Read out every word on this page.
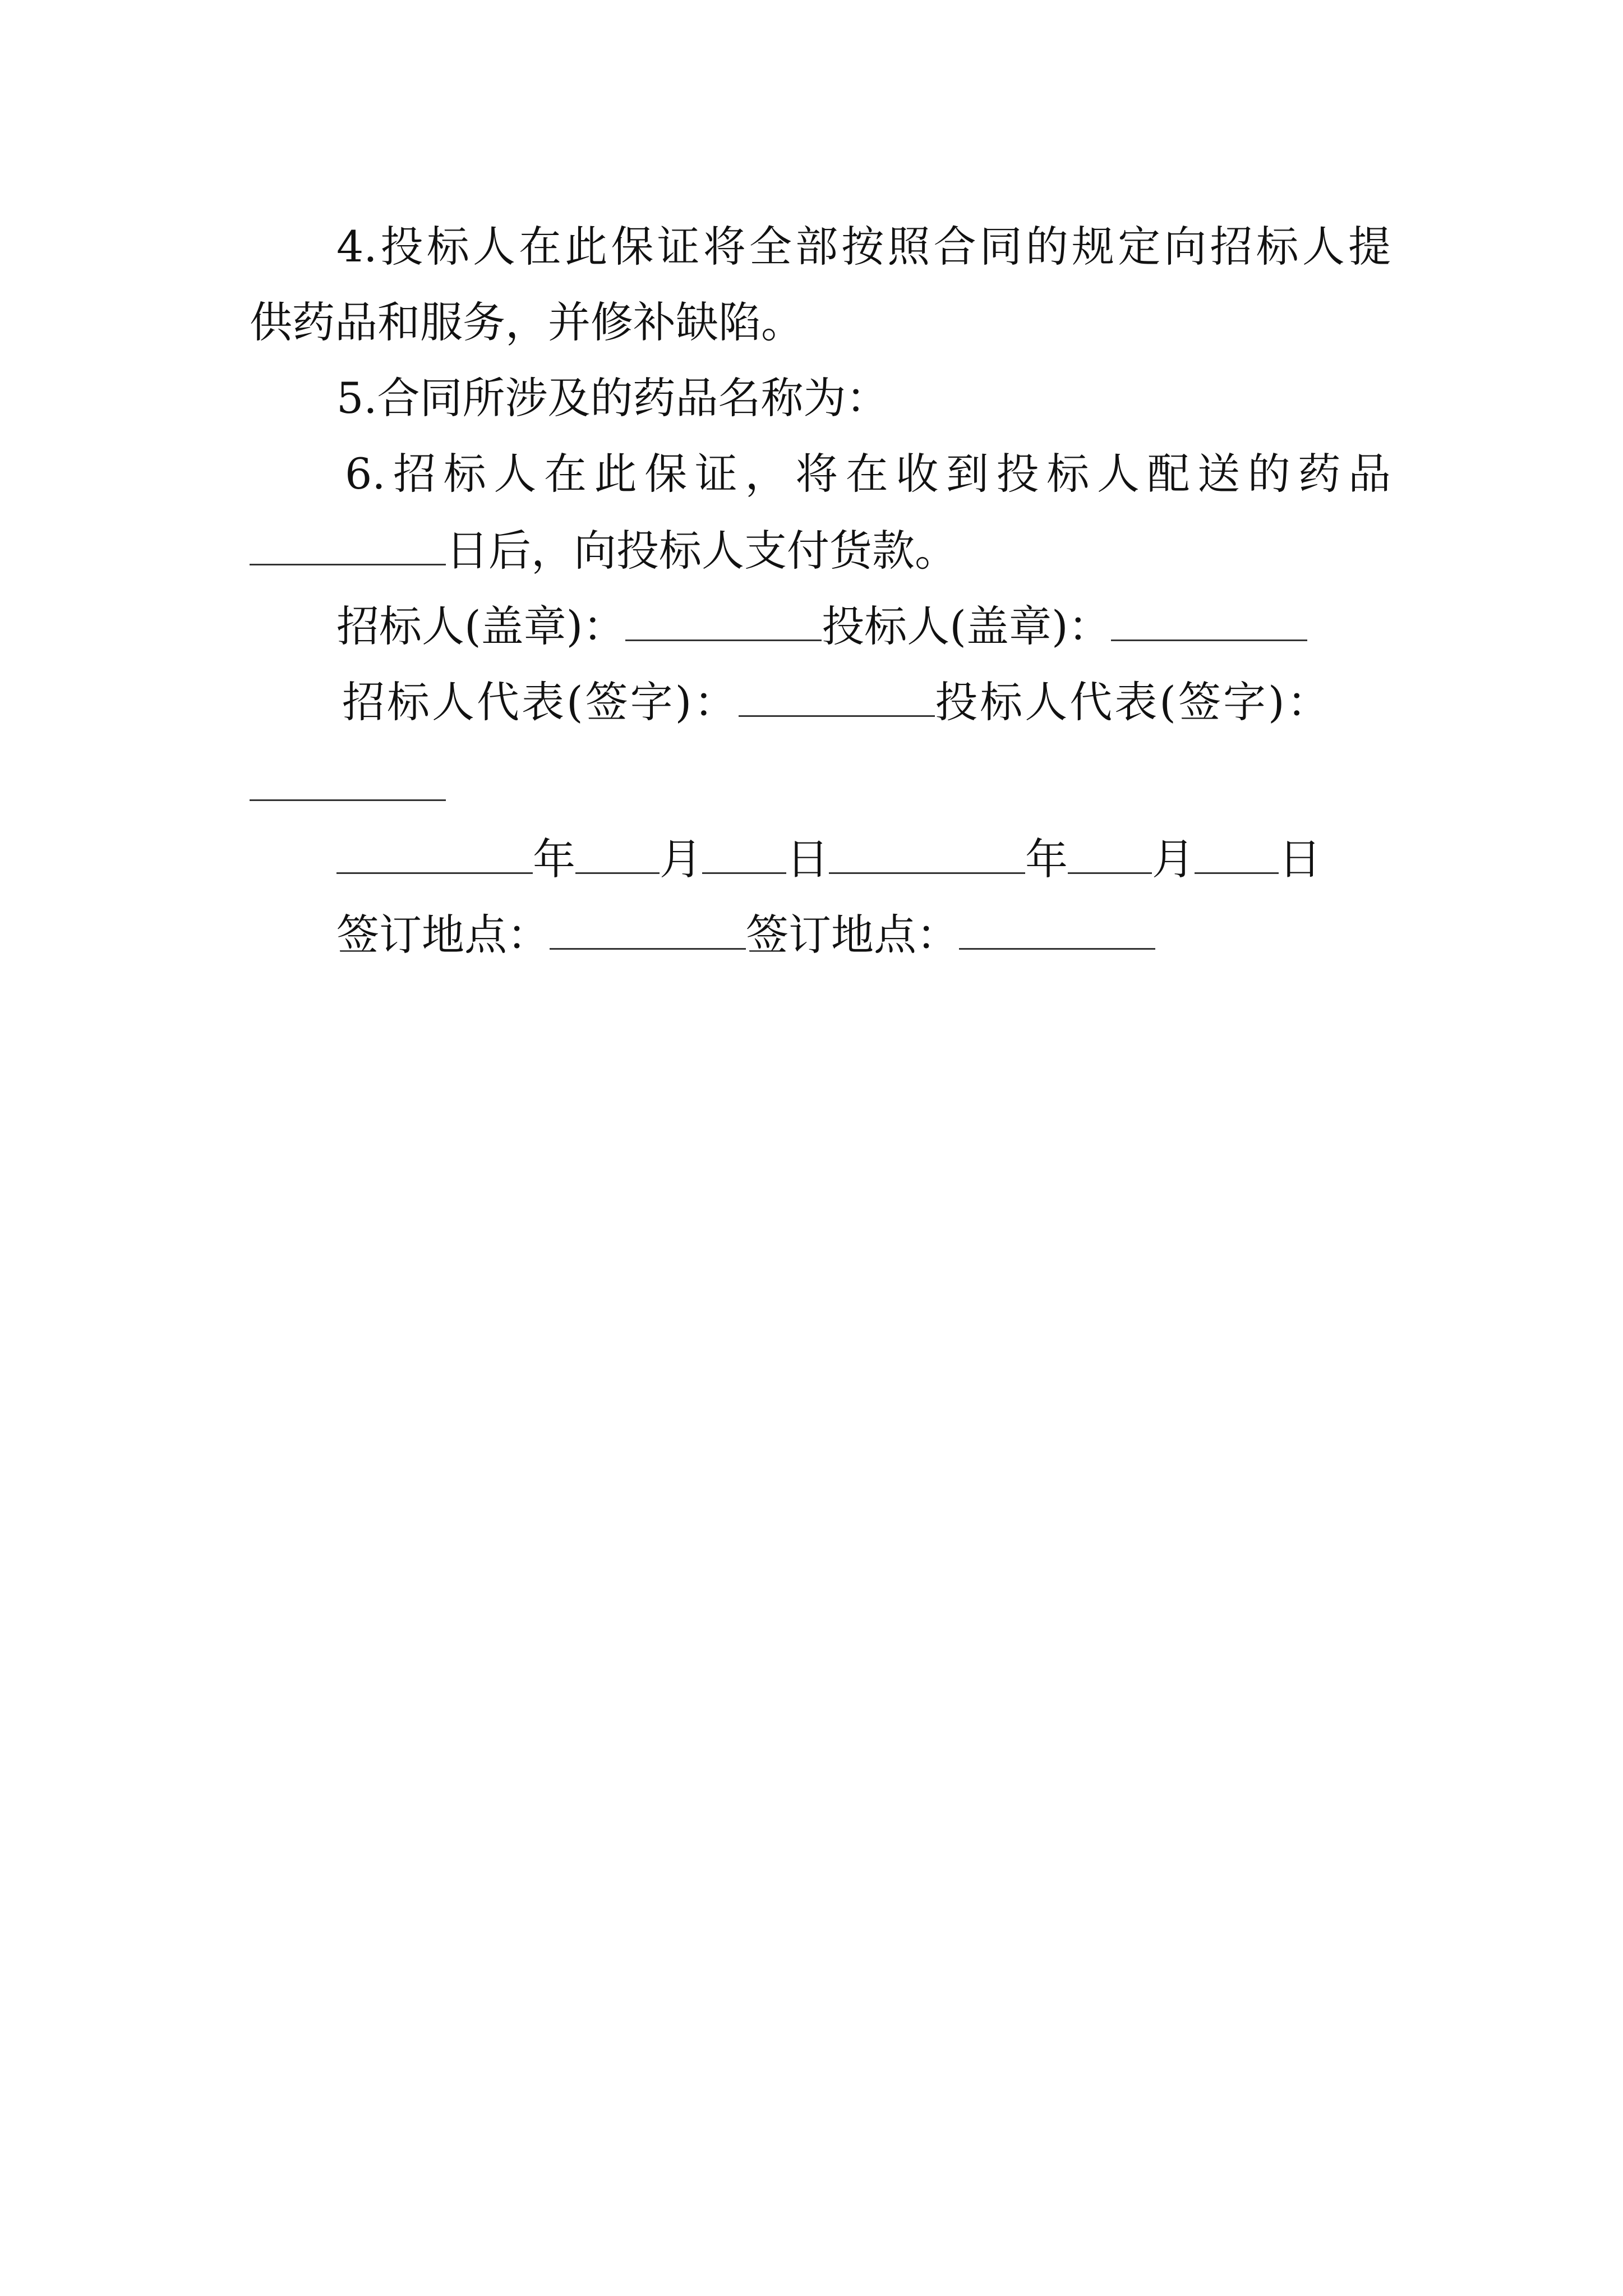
4.投标人在此保证将全部按照合同的规定向招标人提
供药品和服务，并修补缺陷。
5.合同所涉及的药品名称为：
6.招标人在此保证，将在收到投标人配送的药品
日后，向投标人支付货款。
招标人(盖章)：	投标人(盖章)：
招标人代表(签字)：	投标人代表(签字)：
年 月 日	年 月 日
签订地点：	签订地点：
